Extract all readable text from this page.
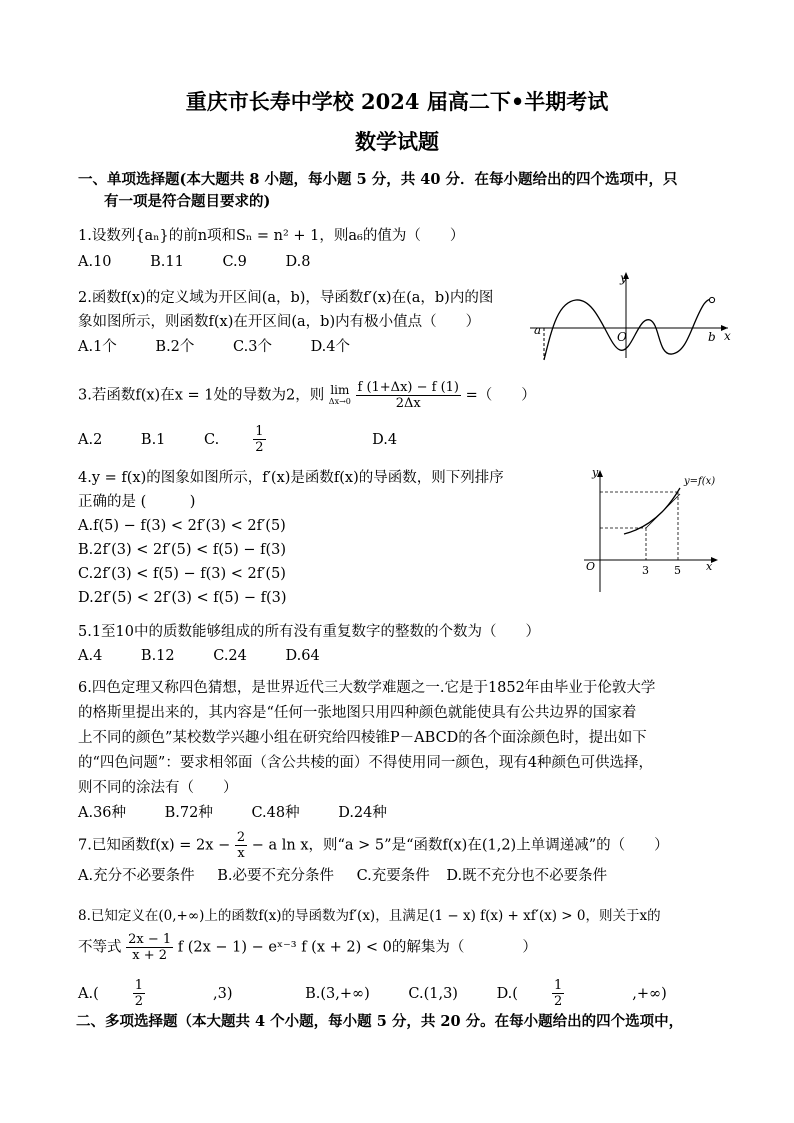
重庆市长寿中学校 2024 届高二下•半期考试
数学试题
一、单项选择题(本大题共 8 小题，每小题 5 分，共 40 分．在每小题给出的四个选项中，只
有一项是符合题目要求的)
1.设数列{aₙ}的前n项和Sₙ = n² + 1，则a₆的值为（　　）
A.10	B.11	C.9	D.8
2.函数f(x)的定义域为开区间(a，b)，导函数f′(x)在(a，b)内的图
象如图所示，则函数f(x)在开区间(a，b)内有极小值点（　　）
A.1个	B.2个	C.3个	D.4个
y
x
O
a	b
3.若函数f(x)在x = 1处的导数为2，则 lim
Δx→0
$\frac{f (1+\Delta x) - f (1)}{2\Delta x}$ =（　　）
A.2	B.1	C.	$\frac{1}{2}$	D.4
4.y = f(x)的图象如图所示，f′(x)是函数f(x)的导函数，则下列排序
正确的是 (　　　)
A.f(5) − f(3) < 2f′(3) < 2f′(5)
B.2f′(3) < 2f′(5) < f(5) − f(3)
C.2f′(3) < f(5) − f(3) < 2f′(5)
D.2f′(5) < 2f′(3) < f(5) − f(3)
y
x
O	3 5
y=f(x)
5.1至10中的质数能够组成的所有没有重复数字的整数的个数为（　　）
A.4	B.12	C.24	D.64
6.四色定理又称四色猜想，是世界近代三大数学难题之一.它是于1852年由毕业于伦敦大学
的格斯里提出来的，其内容是“任何一张地图只用四种颜色就能使具有公共边界的国家着
上不同的颜色”某校数学兴趣小组在研究给四棱锥P－ABCD的各个面涂颜色时，提出如下
的“四色问题”：要求相邻面（含公共棱的面）不得使用同一颜色，现有4种颜色可供选择，
则不同的涂法有（　　）
A.36种	B.72种	C.48种	D.24种
7.已知函数$f(x) = 2x - \frac{2}{x} - a$ ln x，则“a > 5”是“函数f(x)在(1,2)上单调递减”的（　　）
A.充分不必要条件 B.必要不充分条件 C.充要条件 D.既不充分也不必要条件
8.已知定义在(0,+∞)上的函数f(x)的导函数为f′(x)，且满足(1 − x) f(x) + xf′(x) > 0，则关于x的
不等式 $\frac{2x - 1}{x + 2}$ f (2x − 1) − eˣ⁻³ f (x + 2) < 0的解集为（　　　　）
A.(	$\frac{1}{2} ,3$)	B.(3,+∞)	C.(1,3)	D.(	$\frac{1}{2}$ ,+∞)
二、多项选择题（本大题共 4 个小题，每小题 5 分，共 20 分。在每小题给出的四个选项中，
